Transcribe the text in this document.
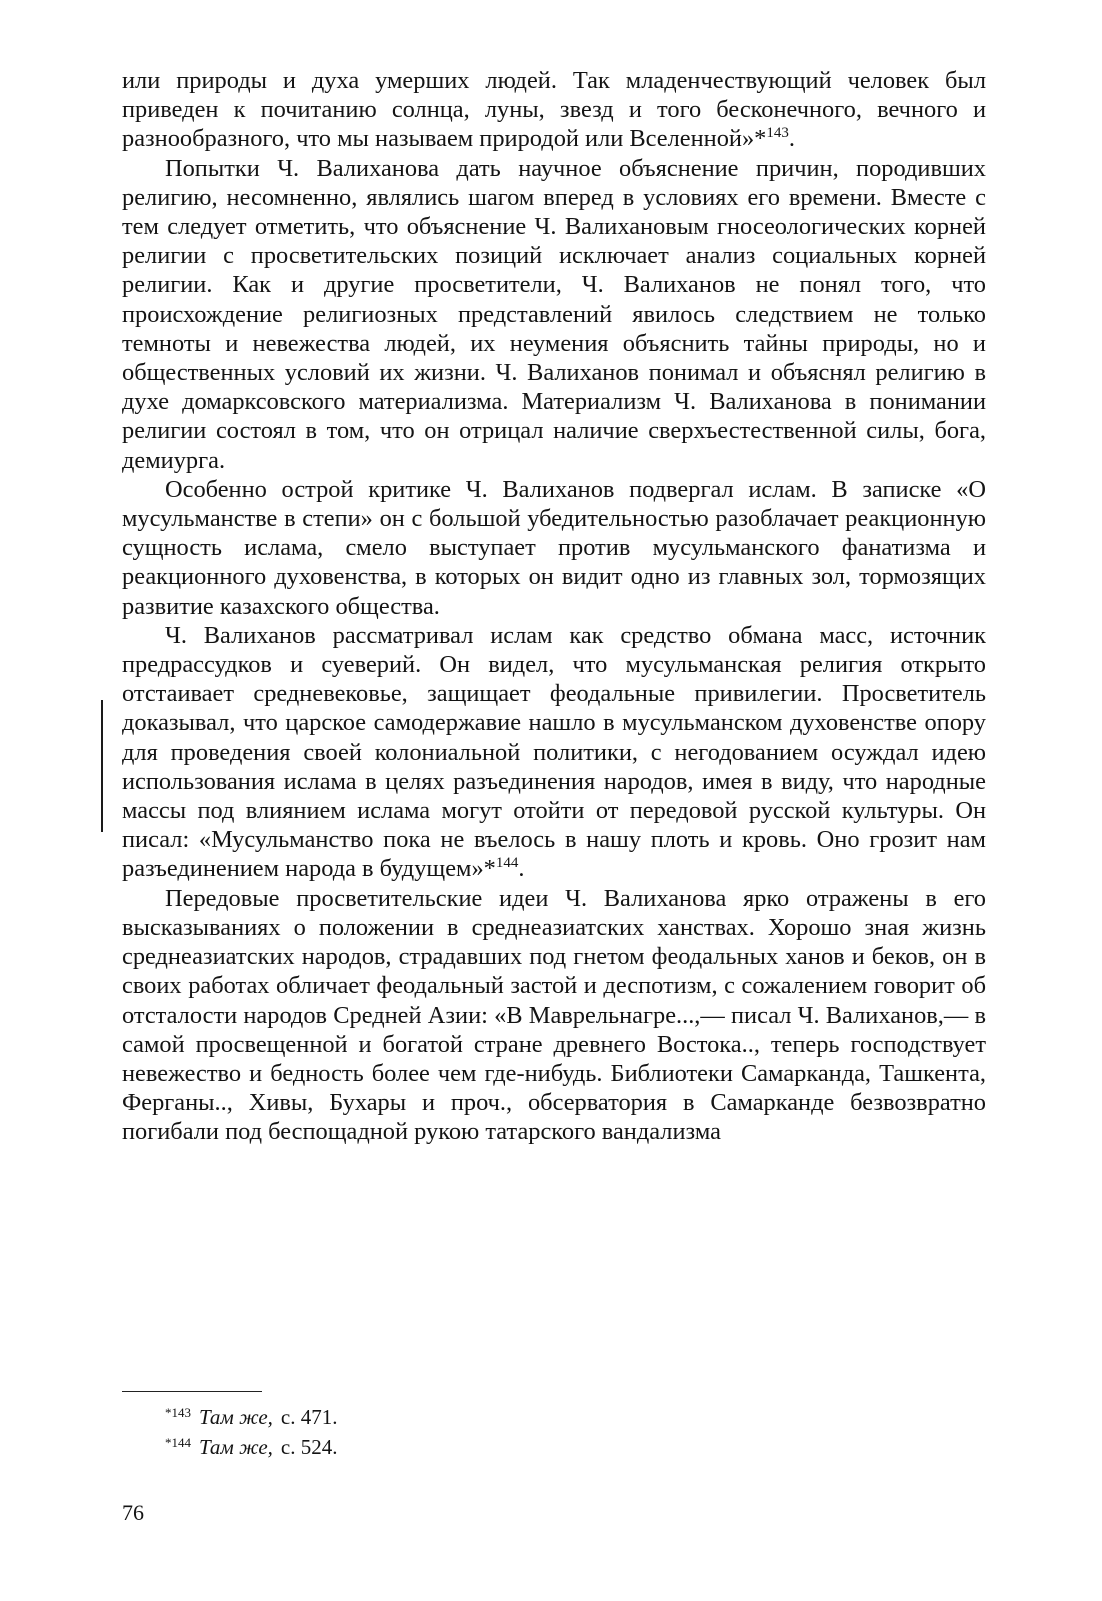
или природы и духа умерших людей. Так младенчествующий человек был приведен к почитанию солнца, луны, звезд и того бесконечного, вечного и разнообразного, что мы называем природой или Вселенной»*$^{143}$.

Попытки Ч. Валиханова дать научное объяснение причин, породивших религию, несомненно, являлись шагом вперед в условиях его времени. Вместе с тем следует отметить, что объяснение Ч. Валихановым гносеологических корней религии с просветительских позиций исключает анализ социальных корней религии. Как и другие просветители, Ч. Валиханов не понял того, что происхождение религиозных представлений явилось следствием не только темноты и невежества людей, их неумения объяснить тайны природы, но и общественных условий их жизни. Ч. Валиханов понимал и объяснял религию в духе домарксовского материализма. Материализм Ч. Валиханова в понимании религии состоял в том, что он отрицал наличие сверхъестественной силы, бога, демиурга.

Особенно острой критике Ч. Валиханов подвергал ислам. В записке «О мусульманстве в степи» он с большой убедительностью разоблачает реакционную сущность ислама, смело выступает против мусульманского фанатизма и реакционного духовенства, в которых он видит одно из главных зол, тормозящих развитие казахского общества.

Ч. Валиханов рассматривал ислам как средство обмана масс, источник предрассудков и суеверий. Он видел, что мусульманская религия открыто отстаивает средневековье, защищает феодальные привилегии. Просветитель доказывал, что царское самодержавие нашло в мусульманском духовенстве опору для проведения своей колониальной политики, с негодованием осуждал идею использования ислама в целях разъединения народов, имея в виду, что народные массы под влиянием ислама могут отойти от передовой русской культуры. Он писал: «Мусульманство пока не въелось в нашу плоть и кровь. Оно грозит нам разъединением народа в будущем»*$^{144}$.

Передовые просветительские идеи Ч. Валиханова ярко отражены в его высказываниях о положении в среднеазиатских ханствах. Хорошо зная жизнь среднеазиатских народов, страдавших под гнетом феодальных ханов и беков, он в своих работах обличает феодальный застой и деспотизм, с сожалением говорит об отсталости народов Средней Азии: «В Маврельнагре...,— писал Ч. Валиханов,— в самой просвещенной и богатой стране древнего Востока.., теперь господствует невежество и бедность более чем где-нибудь. Библиотеки Самарканда, Ташкента, Ферганы.., Хивы, Бухары и проч., обсерватория в Самарканде безвозвратно погибали под беспощадной рукою татарского вандализма

$^{*143}$ Там же, с. 471.

$^{*144}$ Там же, с. 524.

76
